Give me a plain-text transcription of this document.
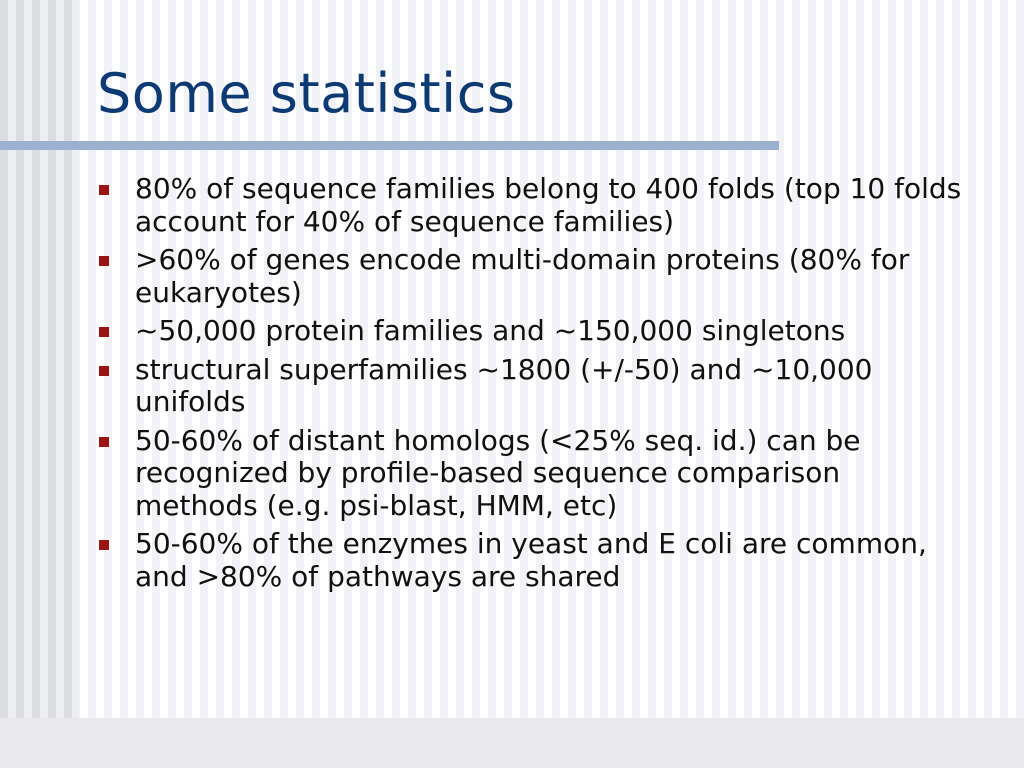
Some statistics
80% of sequence families belong to 400 folds (top 10 folds account for 40% of sequence families)
>60% of genes encode multi-domain proteins (80% for eukaryotes)
~50,000 protein families and ~150,000 singletons
structural superfamilies ~1800 (+/-50) and ~10,000 unifolds
50-60% of distant homologs (<25% seq. id.) can be recognized by profile-based sequence comparison methods (e.g. psi-blast, HMM, etc)
50-60% of the enzymes in yeast and E coli are common, and >80% of pathways are shared
